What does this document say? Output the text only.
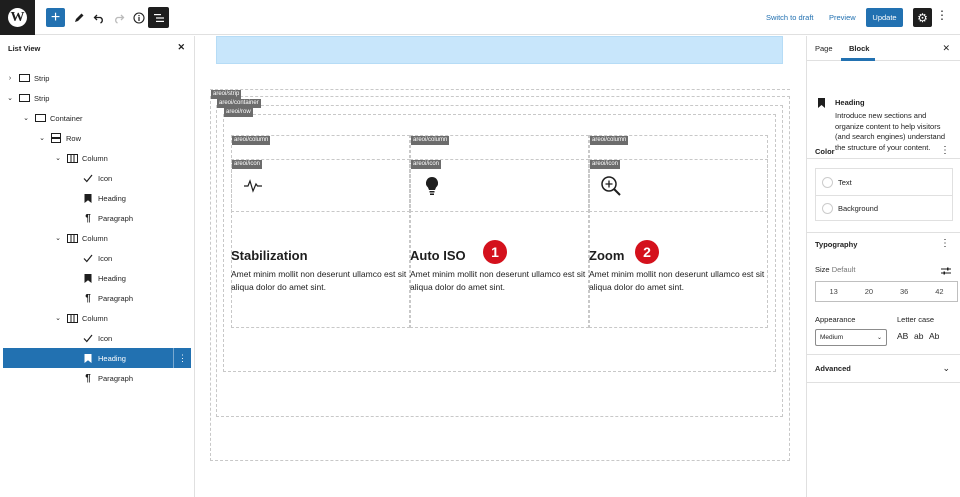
W +	Switch to draft Preview	Update	⚙ ⋮
List View	✕
›	Strip
⌄	Strip
⌄	Container
⌄	Row
⌄	Column
Icon
Heading
¶ Paragraph
⌄	Column
Icon
Heading
¶ Paragraph
⌄	Column
Icon
Heading	⋮
¶ Paragraph
areoi/strip
areoi/container
areoi/row
areoi/column
areoi/icon
Stabilization
Amet minim mollit non deserunt ullamco est sit aliqua dolor do amet sint.
areoi/column
areoi/icon
Auto ISO	1
Amet minim mollit non deserunt ullamco est sit aliqua dolor do amet sint.
areoi/column
areoi/icon
Zoom	2
Amet minim mollit non deserunt ullamco est sit aliqua dolor do amet sint.
Page Block	✕
Heading
Introduce new sections and organize content to help visitors (and search engines) understand the structure of your content.
Color	⋮
Text
Background
Typography	⋮
Size Default
13	20	36	42
Appearance
Medium	⌄
Letter case
AB ab Ab
Advanced	⌄
